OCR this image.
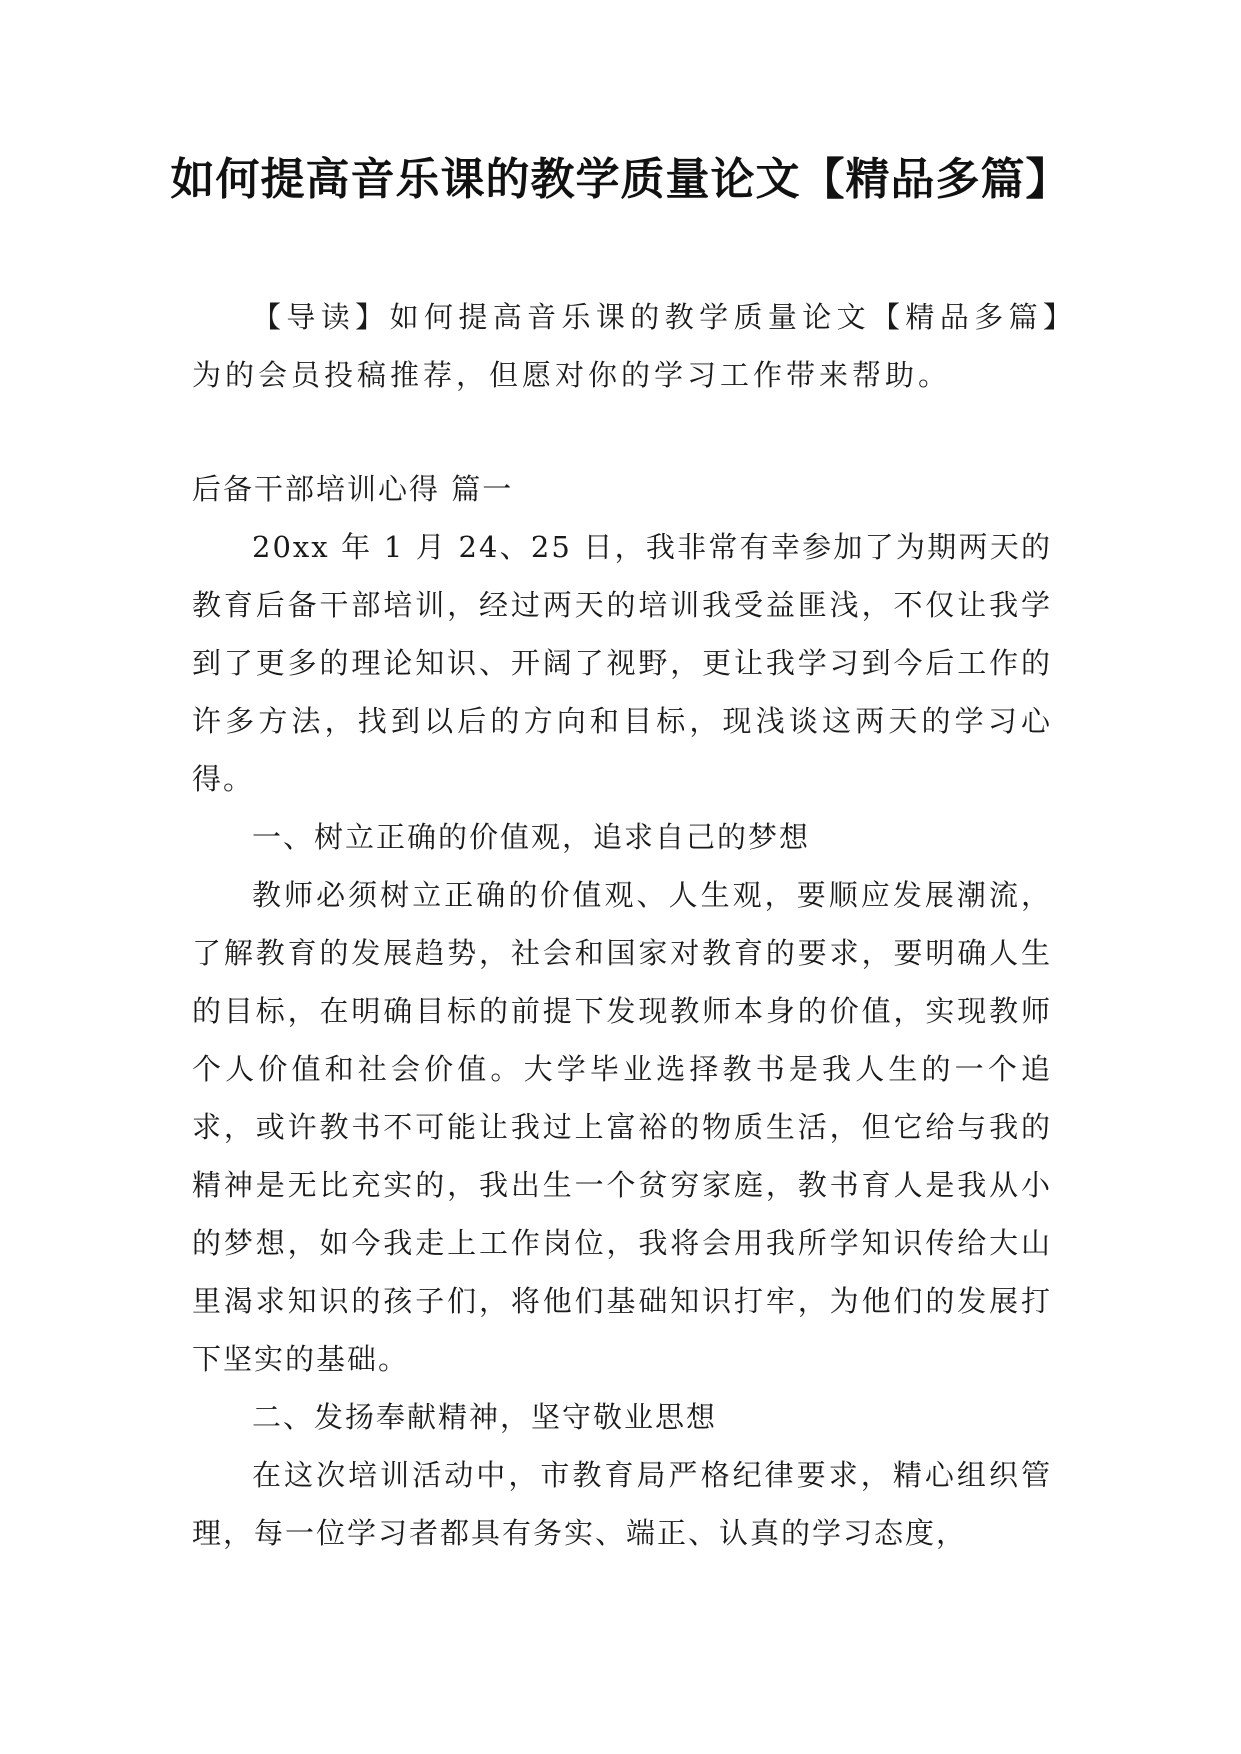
如何提高音乐课的教学质量论文【精品多篇】

【导读】如何提高音乐课的教学质量论文【精品多篇】为的会员投稿推荐，但愿对你的学习工作带来帮助。

后备干部培训心得 篇一

20xx 年 1 月 24、25 日，我非常有幸参加了为期两天的教育后备干部培训，经过两天的培训我受益匪浅，不仅让我学到了更多的理论知识、开阔了视野，更让我学习到今后工作的许多方法，找到以后的方向和目标，现浅谈这两天的学习心得。

一、树立正确的价值观，追求自己的梦想

教师必须树立正确的价值观、人生观，要顺应发展潮流，了解教育的发展趋势，社会和国家对教育的要求，要明确人生的目标，在明确目标的前提下发现教师本身的价值，实现教师个人价值和社会价值。大学毕业选择教书是我人生的一个追求，或许教书不可能让我过上富裕的物质生活，但它给与我的精神是无比充实的，我出生一个贫穷家庭，教书育人是我从小的梦想，如今我走上工作岗位，我将会用我所学知识传给大山里渴求知识的孩子们，将他们基础知识打牢，为他们的发展打下坚实的基础。

二、发扬奉献精神，坚守敬业思想

在这次培训活动中，市教育局严格纪律要求，精心组织管理，每一位学习者都具有务实、端正、认真的学习态度，
